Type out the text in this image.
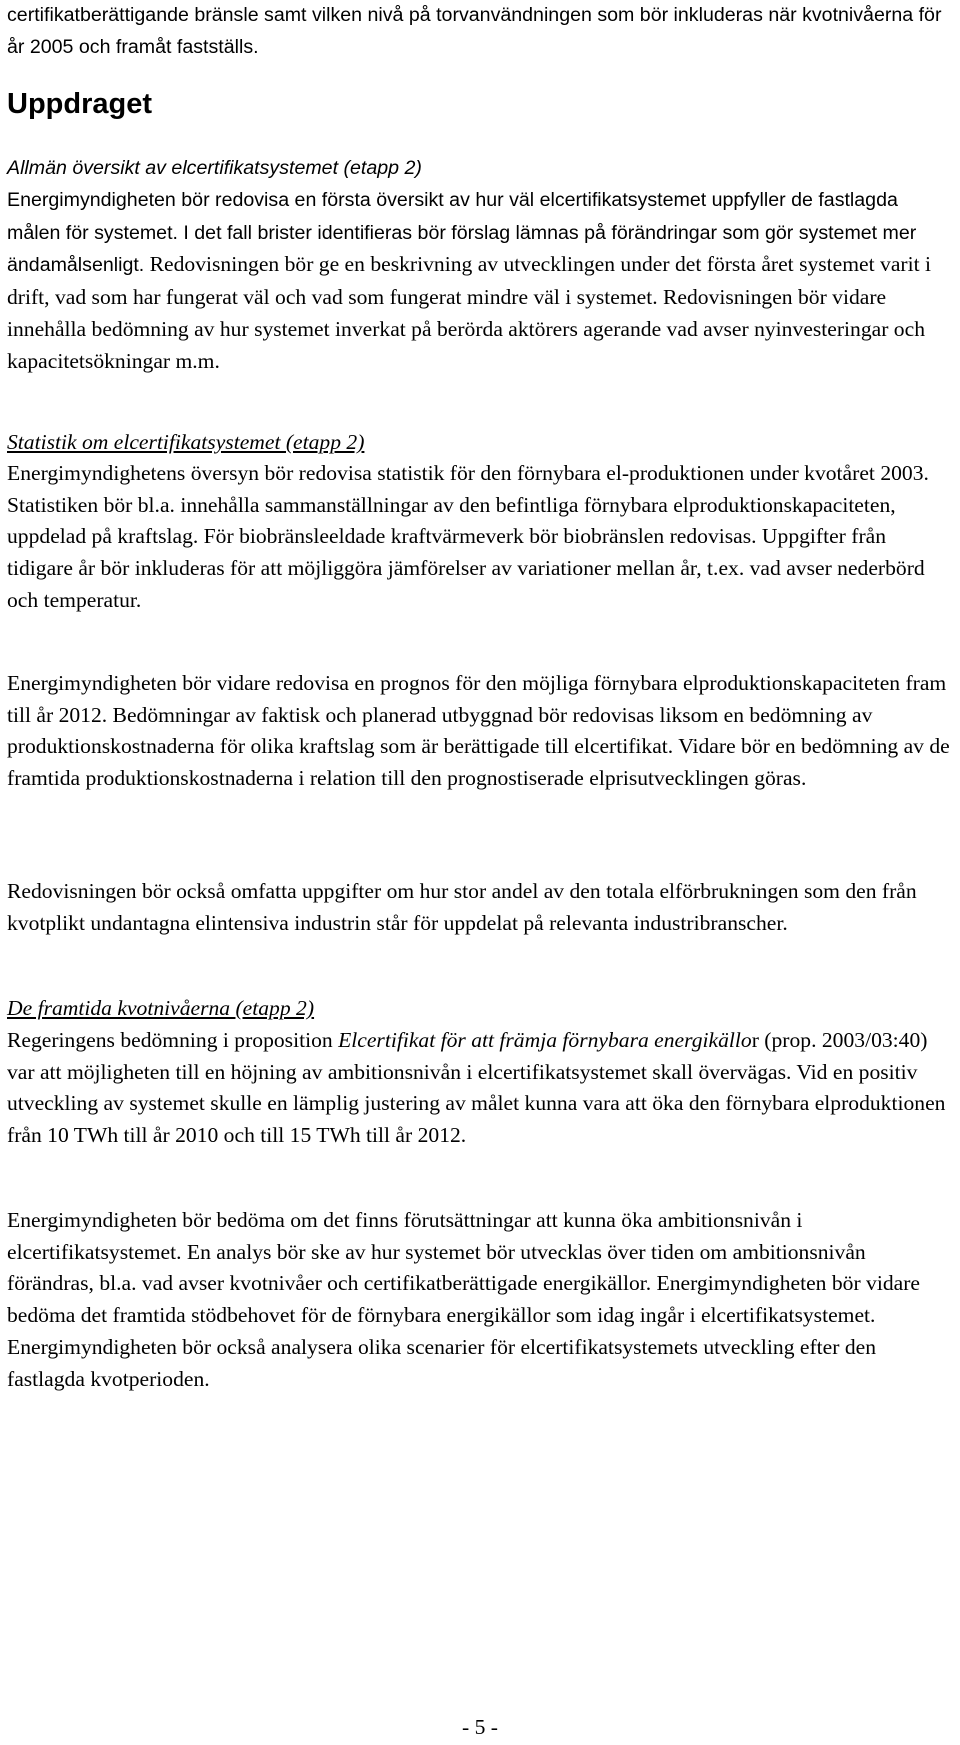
certifikatberättigande bränsle samt vilken nivå på torvanvändningen som bör inkluderas när kvotnivåerna för år 2005 och framåt fastställs.

Uppdraget

Allmän översikt av elcertifikatsystemet (etapp 2)

Energimyndigheten bör redovisa en första översikt av hur väl elcertifikatsystemet uppfyller de fastlagda målen för systemet. I det fall brister identifieras bör förslag lämnas på förändringar som gör systemet mer ändamålsenligt. Redovisningen bör ge en beskrivning av utvecklingen under det första året systemet varit i drift, vad som har fungerat väl och vad som fungerat mindre väl i systemet. Redovisningen bör vidare innehålla bedömning av hur systemet inverkat på berörda aktörers agerande vad avser nyinvesteringar och kapacitetsökningar m.m.

Statistik om elcertifikatsystemet (etapp 2)

Energimyndighetens översyn bör redovisa statistik för den förnybara el-produktionen under kvotåret 2003. Statistiken bör bl.a. innehålla sammanställningar av den befintliga förnybara elproduktionskapaciteten, uppdelad på kraftslag. För biobränsleeldade kraftvärmeverk bör biobränslen redovisas. Uppgifter från tidigare år bör inkluderas för att möjliggöra jämförelser av variationer mellan år, t.ex. vad avser nederbörd och temperatur.

Energimyndigheten bör vidare redovisa en prognos för den möjliga förnybara elproduktionskapaciteten fram till år 2012. Bedömningar av faktisk och planerad utbyggnad bör redovisas liksom en bedömning av produktionskostnaderna för olika kraftslag som är berättigade till elcertifikat. Vidare bör en bedömning av de framtida produktionskostnaderna i relation till den prognostiserade elprisutvecklingen göras.

Redovisningen bör också omfatta uppgifter om hur stor andel av den totala elförbrukningen som den från kvotplikt undantagna elintensiva industrin står för uppdelat på relevanta industribranscher.

De framtida kvotnivåerna (etapp 2)

Regeringens bedömning i proposition Elcertifikat för att främja förnybara energikällor (prop. 2003/03:40) var att möjligheten till en höjning av ambitionsnivån i elcertifikatsystemet skall övervägas. Vid en positiv utveckling av systemet skulle en lämplig justering av målet kunna vara att öka den förnybara elproduktionen från 10 TWh till år 2010 och till 15 TWh till år 2012.

Energimyndigheten bör bedöma om det finns förutsättningar att kunna öka ambitionsnivån i elcertifikatsystemet. En analys bör ske av hur systemet bör utvecklas över tiden om ambitionsnivån förändras, bl.a. vad avser kvotnivåer och certifikatberättigade energikällor. Energimyndigheten bör vidare bedöma det framtida stödbehovet för de förnybara energikällor som idag ingår i elcertifikatsystemet. Energimyndigheten bör också analysera olika scenarier för elcertifikatsystemets utveckling efter den fastlagda kvotperioden.

- 5 -
